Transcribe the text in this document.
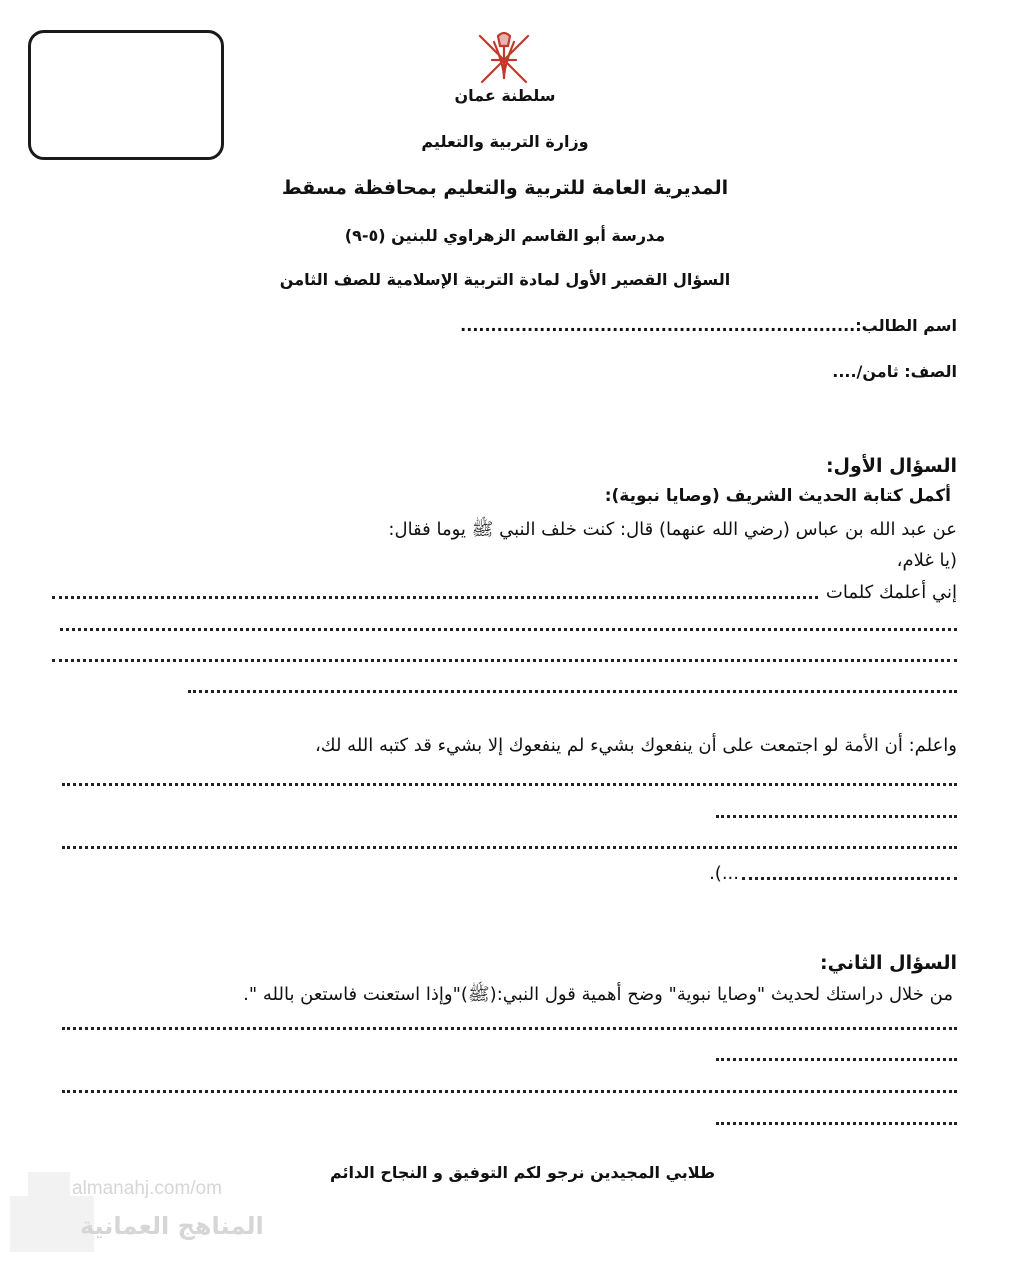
سلطنة عمان
وزارة التربية والتعليم
المديرية العامة للتربية والتعليم بمحافظة مسقط
مدرسة أبو القاسم الزهراوي للبنين (٥-٩)
السؤال القصير الأول لمادة التربية الإسلامية للصف الثامن
اسم الطالب:.................................................................
الصف: ثامن/....
السؤال الأول:
أكمل كتابة الحديث الشريف (وصايا نبوية):
عن عبد الله بن عباس (رضي الله عنهما) قال: كنت خلف النبي ﷺ يوما فقال:
(يا غلام،
إني أعلمك كلمات
واعلم: أن الأمة لو اجتمعت على أن ينفعوك بشيء لم ينفعوك إلا بشيء قد كتبه الله لك،
...).
السؤال الثاني:
من خلال دراستك لحديث "وصايا نبوية" وضح أهمية قول النبي:(ﷺ)"وإذا استعنت فاستعن بالله ".
طلابي المجيدين نرجو لكم التوفيق و النجاح الدائم
almanahj.com/om
المناهج العمانية
